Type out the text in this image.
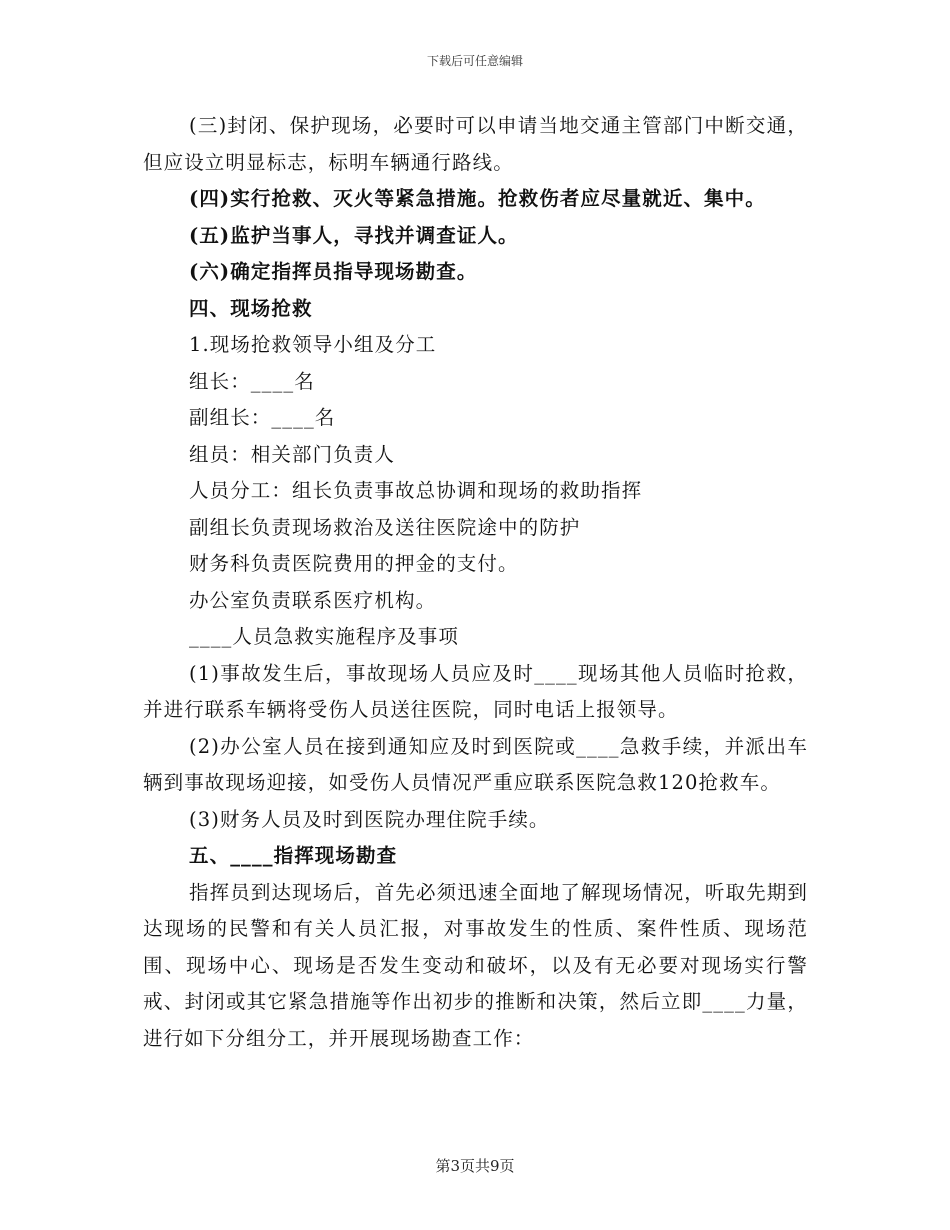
下载后可任意编辑

(三)封闭、保护现场，必要时可以申请当地交通主管部门中断交通，但应设立明显标志，标明车辆通行路线。

(四)实行抢救、灭火等紧急措施。抢救伤者应尽量就近、集中。

(五)监护当事人，寻找并调查证人。

(六)确定指挥员指导现场勘查。

四、现场抢救

1.现场抢救领导小组及分工

组长：____名

副组长：____名

组员：相关部门负责人

人员分工：组长负责事故总协调和现场的救助指挥

副组长负责现场救治及送往医院途中的防护

财务科负责医院费用的押金的支付。

办公室负责联系医疗机构。

____人员急救实施程序及事项

(1)事故发生后，事故现场人员应及时____现场其他人员临时抢救，并进行联系车辆将受伤人员送往医院，同时电话上报领导。

(2)办公室人员在接到通知应及时到医院或____急救手续，并派出车辆到事故现场迎接，如受伤人员情况严重应联系医院急救120抢救车。

(3)财务人员及时到医院办理住院手续。

五、____指挥现场勘查

指挥员到达现场后，首先必须迅速全面地了解现场情况，听取先期到达现场的民警和有关人员汇报，对事故发生的性质、案件性质、现场范围、现场中心、现场是否发生变动和破坏，以及有无必要对现场实行警戒、封闭或其它紧急措施等作出初步的推断和决策，然后立即____力量，进行如下分组分工，并开展现场勘查工作：

第3页共9页
